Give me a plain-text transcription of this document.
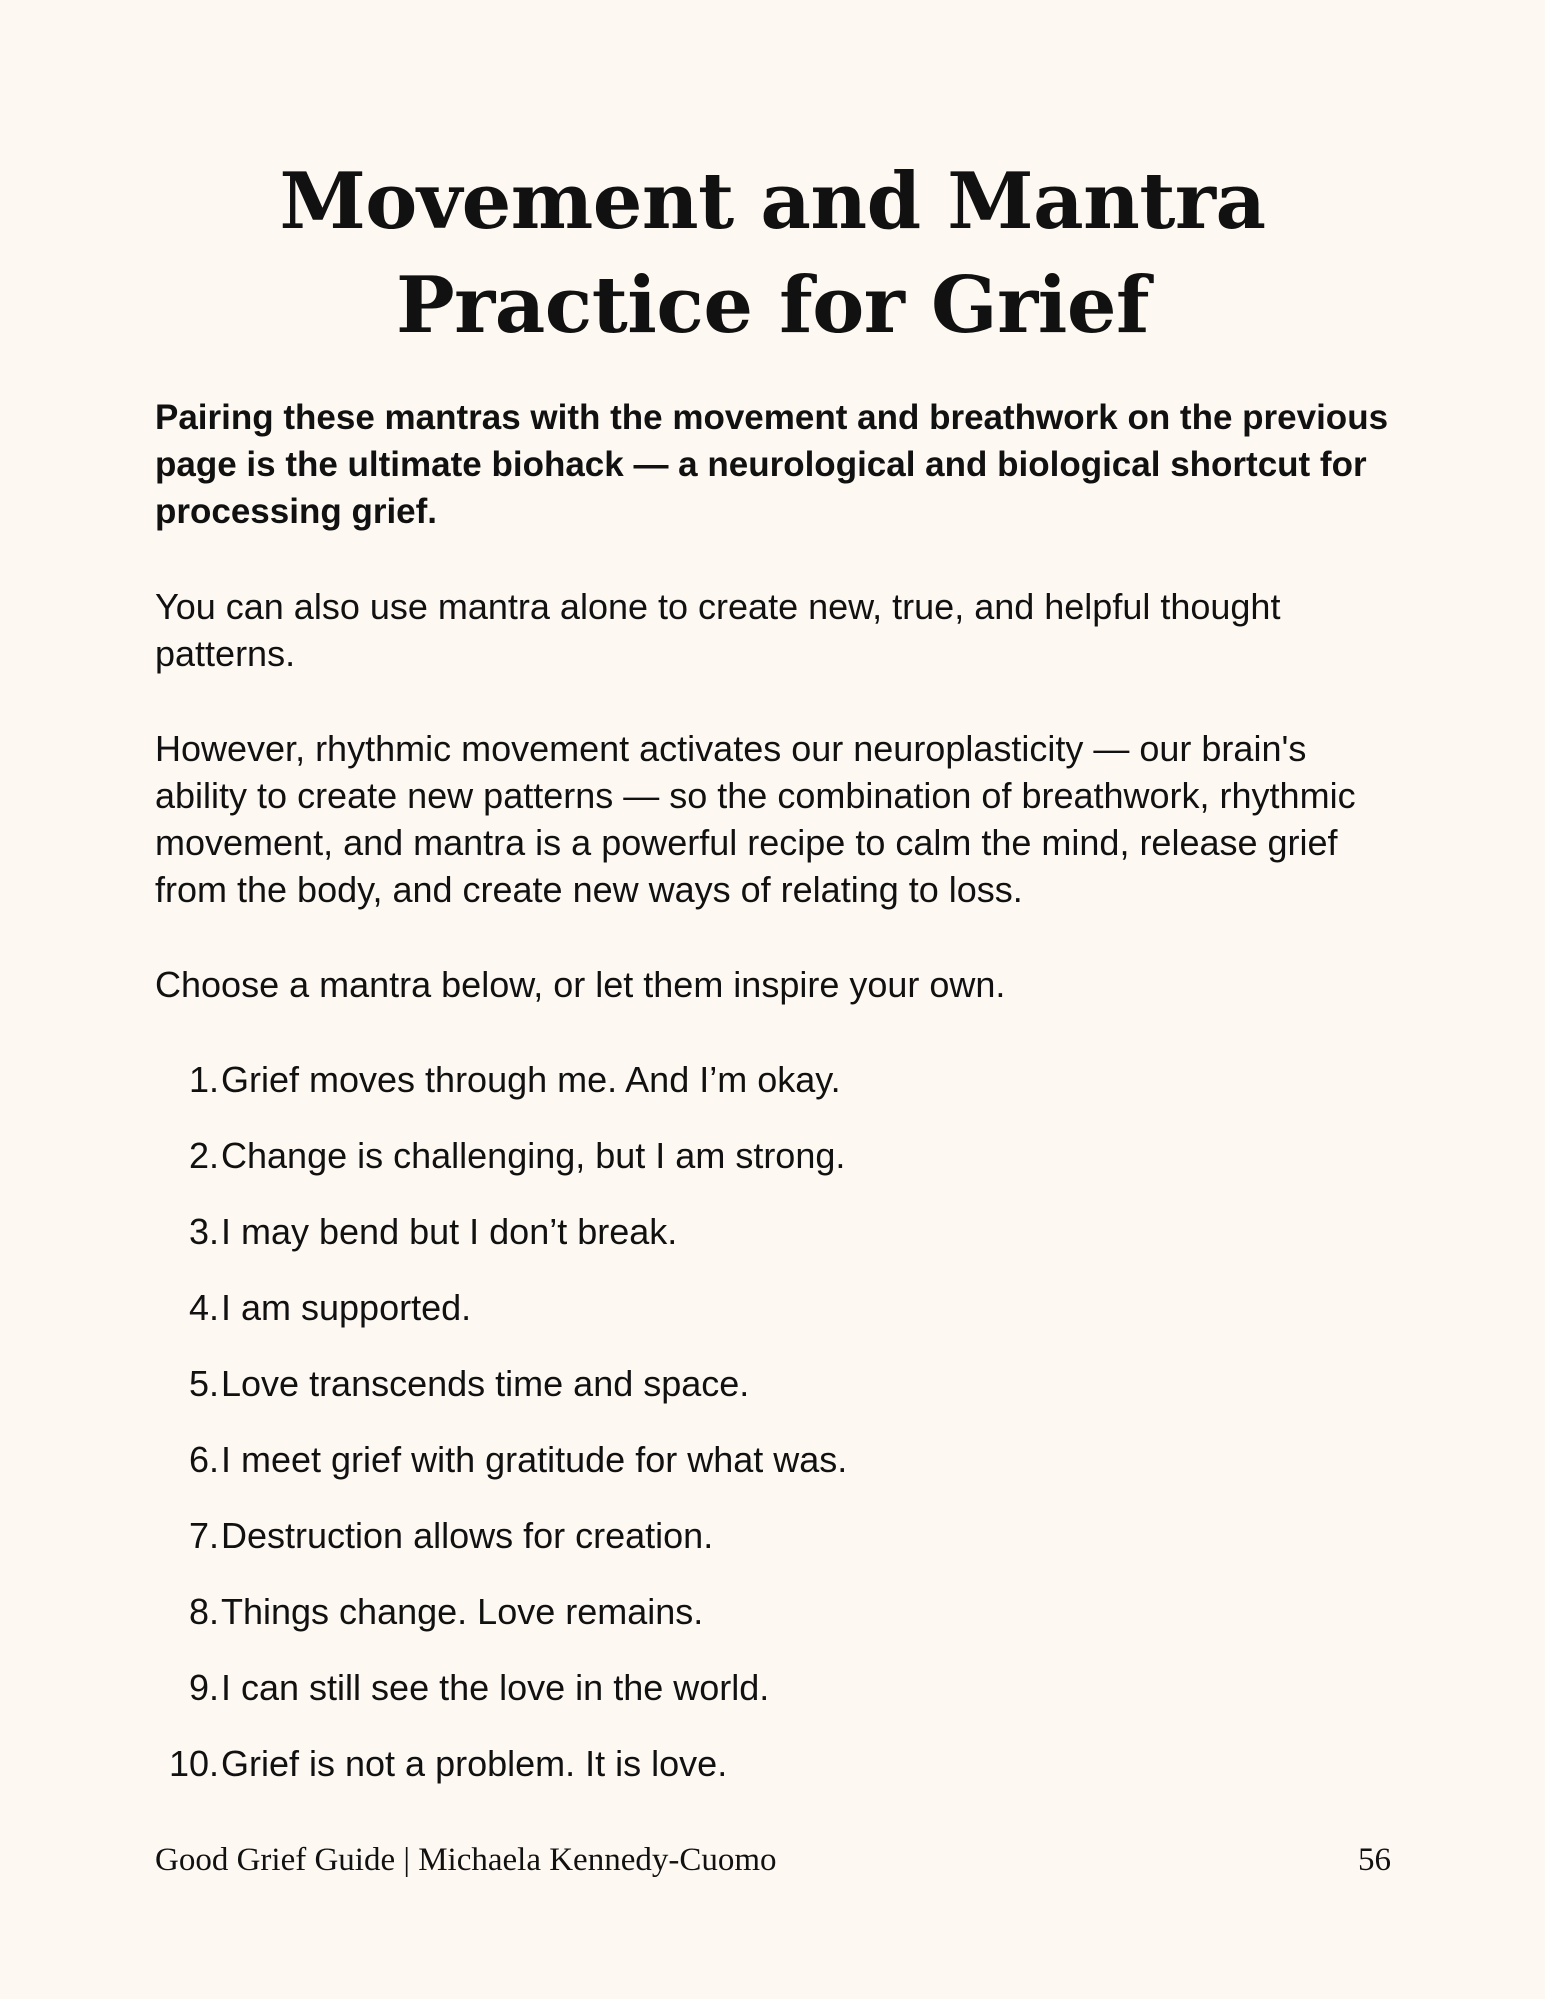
Movement and Mantra
Practice for Grief

Pairing these mantras with the movement and breathwork on the previous page is the ultimate biohack — a neurological and biological shortcut for processing grief.

You can also use mantra alone to create new, true, and helpful thought patterns.

However, rhythmic movement activates our neuroplasticity — our brain's ability to create new patterns — so the combination of breathwork, rhythmic movement, and mantra is a powerful recipe to calm the mind, release grief from the body, and create new ways of relating to loss.

Choose a mantra below, or let them inspire your own.

1. Grief moves through me. And I’m okay.
2. Change is challenging, but I am strong.
3. I may bend but I don’t break.
4. I am supported.
5. Love transcends time and space.
6. I meet grief with gratitude for what was.
7. Destruction allows for creation.
8. Things change. Love remains.
9. I can still see the love in the world.
10. Grief is not a problem. It is love.
Good Grief Guide | Michaela Kennedy-Cuomo	56
